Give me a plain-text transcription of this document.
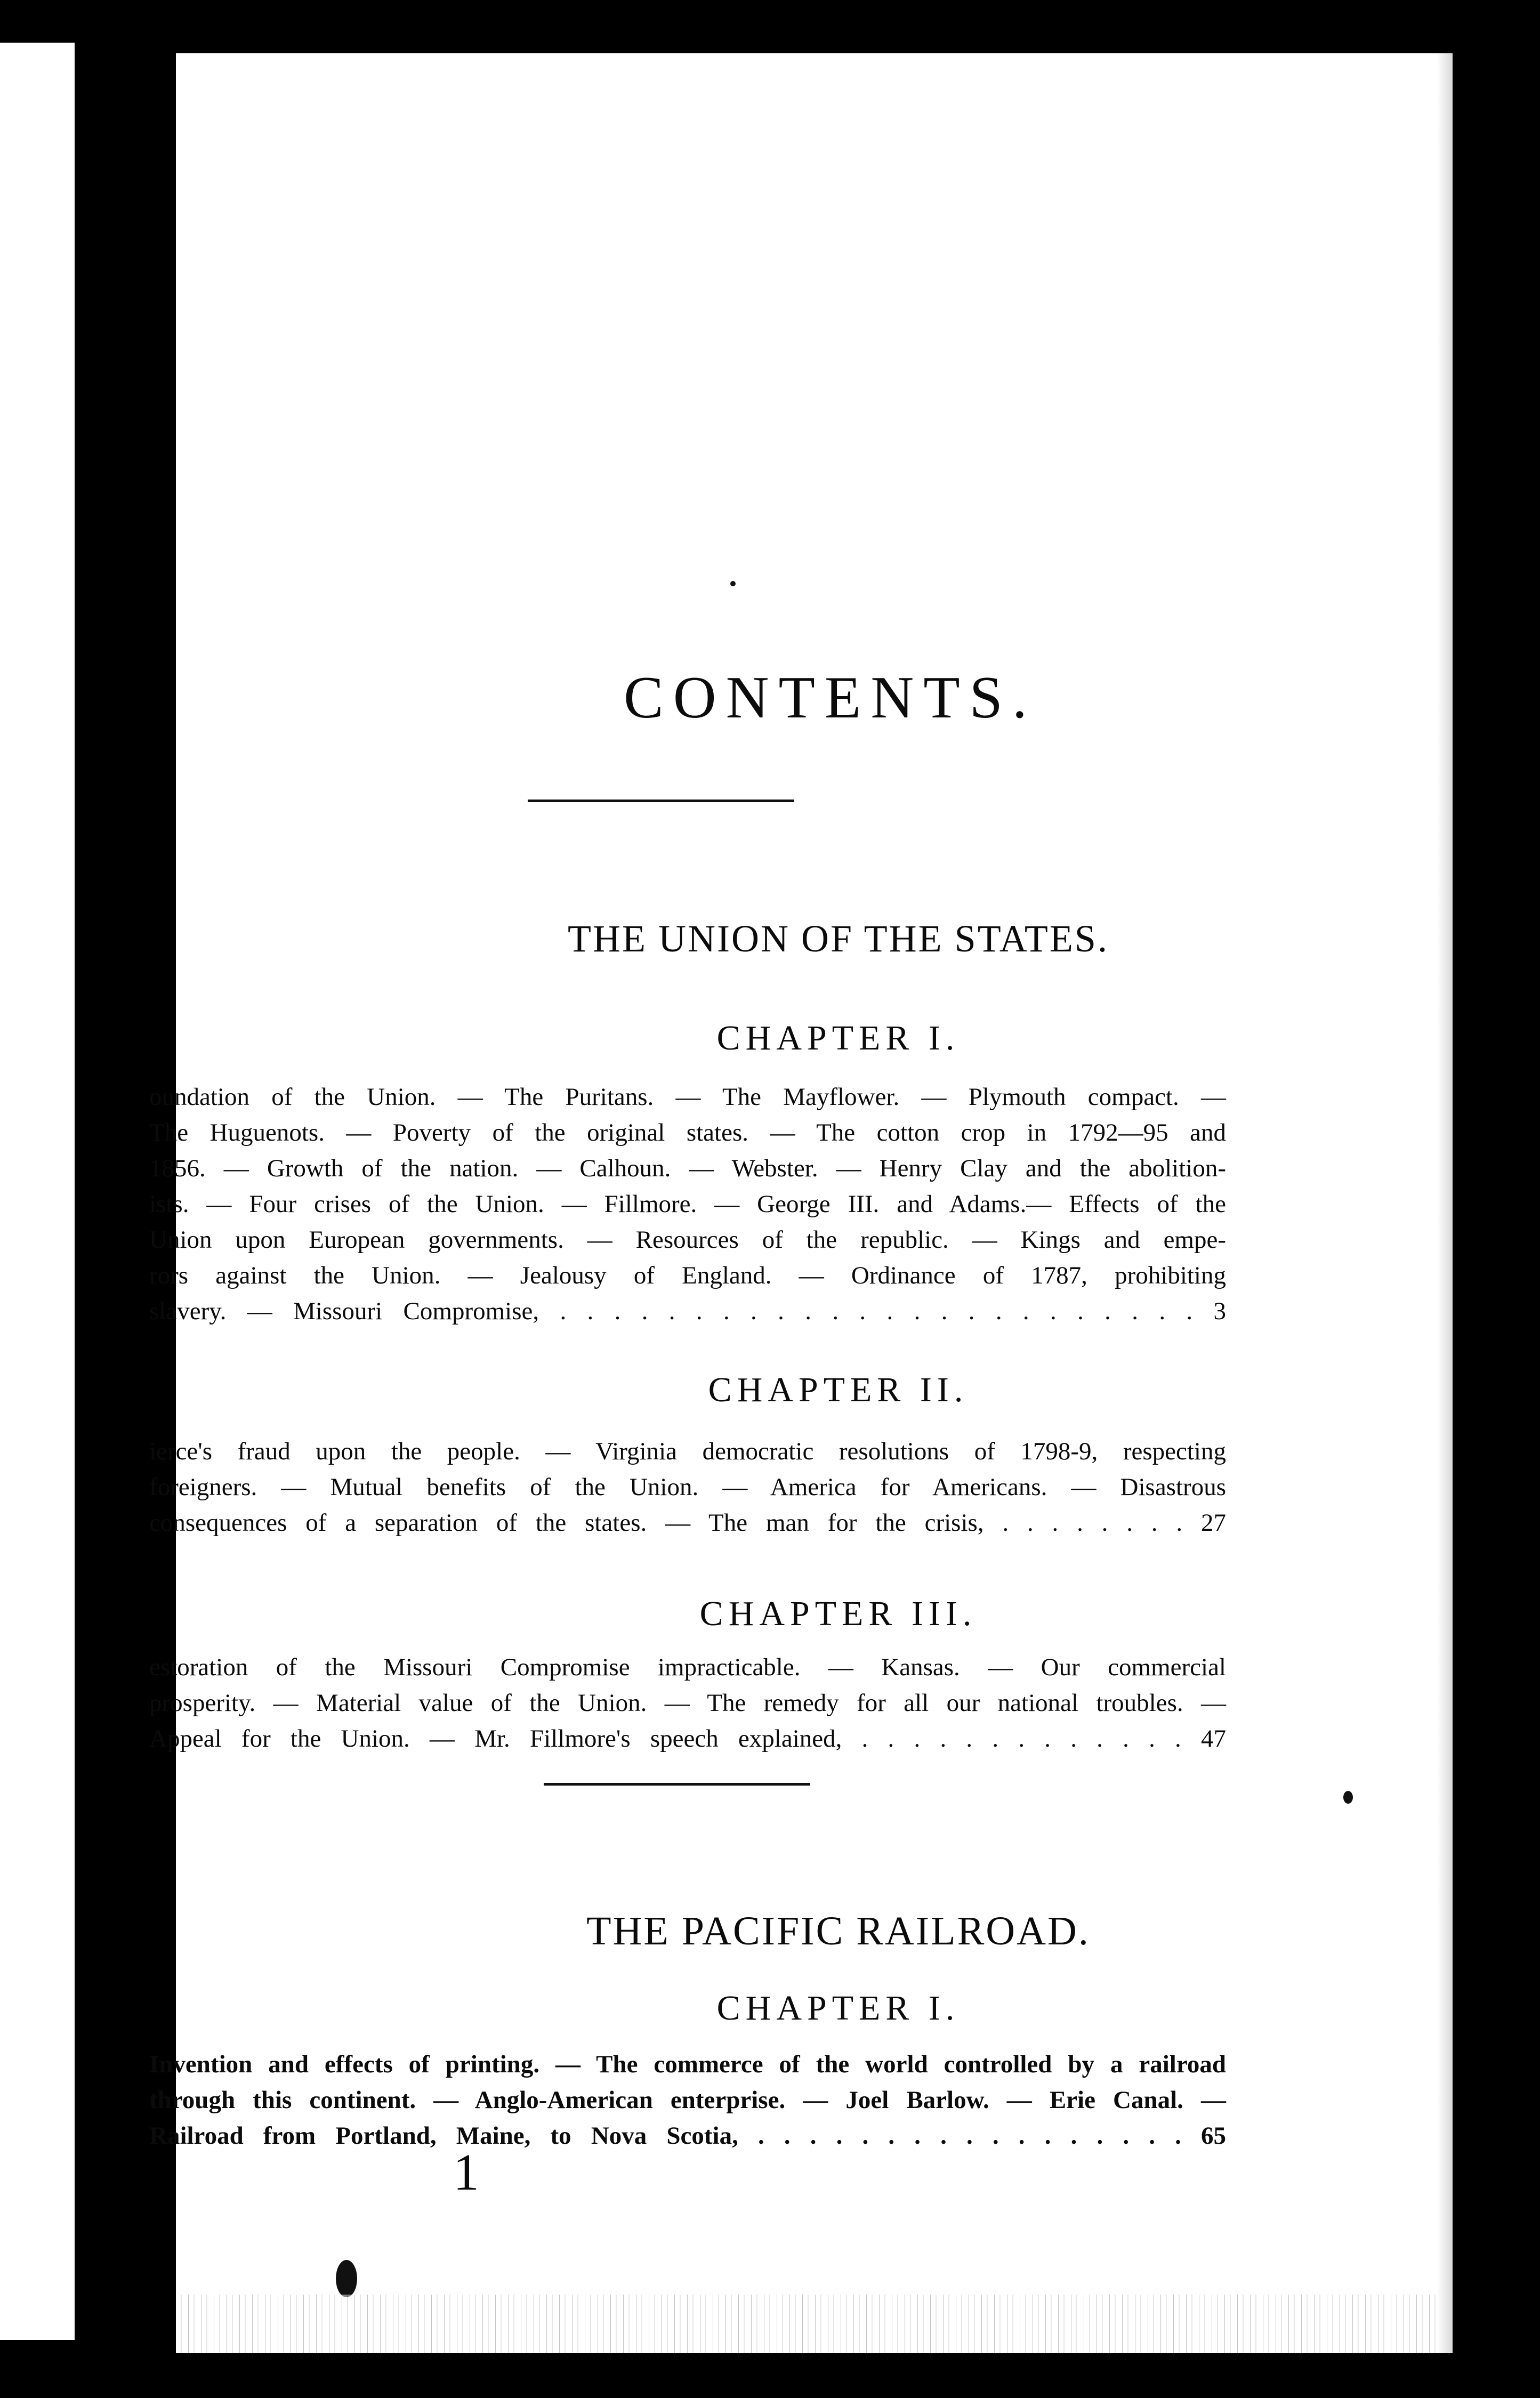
CONTENTS.
THE UNION OF THE STATES.
CHAPTER I.

oundation of the Union. — The Puritans. — The Mayflower. — Plymouth compact. —
The Huguenots. — Poverty of the original states. — The cotton crop in 1792—95 and
1856. — Growth of the nation. — Calhoun. — Webster. — Henry Clay and the abolition-
ists. — Four crises of the Union. — Fillmore. — George III. and Adams.— Effects of the
Union upon European governments. — Resources of the republic. — Kings and empe-
rors against the Union. — Jealousy of England. — Ordinance of 1787, prohibiting
slavery. — Missouri Compromise, . . . . . . . . . . . . . . . . . . . . . . . . 3

CHAPTER II.

ierce's fraud upon the people. — Virginia democratic resolutions of 1798-9, respecting
foreigners. — Mutual benefits of the Union. — America for Americans. — Disastrous
consequences of a separation of the states. — The man for the crisis, . . . . . . . . 27

CHAPTER III.

estoration of the Missouri Compromise impracticable. — Kansas. — Our commercial
prosperity. — Material value of the Union. — The remedy for all our national troubles. —
Appeal for the Union. — Mr. Fillmore's speech explained, . . . . . . . . . . . . . 47

THE PACIFIC RAILROAD.
CHAPTER I.

Invention and effects of printing. — The commerce of the world controlled by a railroad
through this continent. — Anglo-American enterprise. — Joel Barlow. — Erie Canal. —
Railroad from Portland, Maine, to Nova Scotia, . . . . . . . . . . . . . . . . . 65

1
